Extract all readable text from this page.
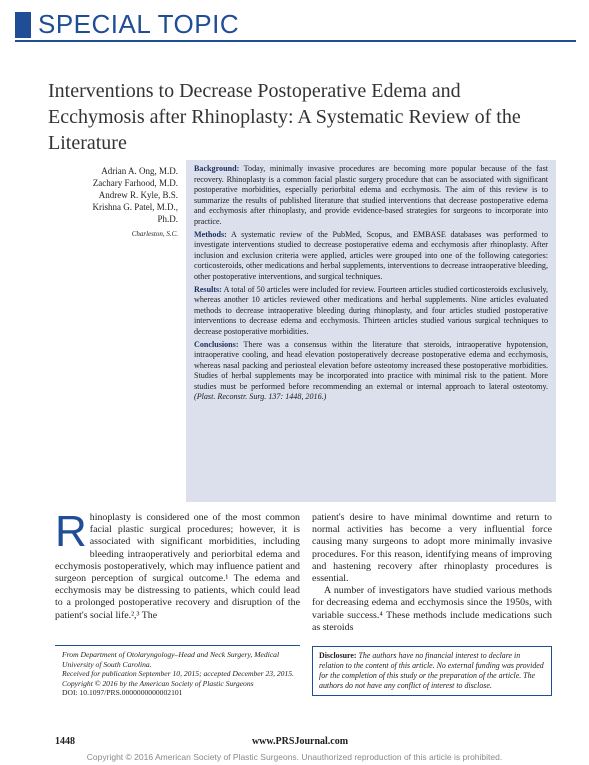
SPECIAL TOPIC
Interventions to Decrease Postoperative Edema and Ecchymosis after Rhinoplasty: A Systematic Review of the Literature
Adrian A. Ong, M.D.
Zachary Farhood, M.D.
Andrew R. Kyle, B.S.
Krishna G. Patel, M.D.,
Ph.D.
Charleston, S.C.

Background: Today, minimally invasive procedures are becoming more popular because of the fast recovery. Rhinoplasty is a common facial plastic surgery procedure that can be associated with significant postoperative morbidities, especially periorbital edema and ecchymosis. The aim of this review is to summarize the results of published literature that studied interventions that decrease postoperative edema and ecchymosis after rhinoplasty, and provide evidence-based strategies for surgeons to incorporate into practice.

Methods: A systematic review of the PubMed, Scopus, and EMBASE databases was performed to investigate interventions studied to decrease postoperative edema and ecchymosis after rhinoplasty. After inclusion and exclusion criteria were applied, articles were grouped into one of the following categories: corticosteroids, other medications and herbal supplements, interventions to decrease intraoperative bleeding, other postoperative interventions, and surgical techniques.

Results: A total of 50 articles were included for review. Fourteen articles studied corticosteroids exclusively, whereas another 10 articles reviewed other medications and herbal supplements. Nine articles evaluated methods to decrease intraoperative bleeding during rhinoplasty, and four articles studied postoperative interventions to decrease edema and ecchymosis. Thirteen articles studied various surgical techniques to decrease postoperative morbidities.

Conclusions: There was a consensus within the literature that steroids, intraoperative hypotension, intraoperative cooling, and head elevation postoperatively decrease postoperative edema and ecchymosis, whereas nasal packing and periosteal elevation before osteotomy increased these postoperative morbidities. Studies of herbal supplements may be incorporated into practice with minimal risk to the patient. More studies must be performed before recommending an external or internal approach to lateral osteotomy. (Plast. Reconstr. Surg. 137: 1448, 2016.)

Rhinoplasty is considered one of the most common facial plastic surgical procedures; however, it is associated with significant morbidities, including bleeding intraoperatively and periorbital edema and ecchymosis postoperatively, which may influence patient and surgeon perception of surgical outcome.¹ The edema and ecchymosis may be distressing to patients, which could lead to a prolonged postoperative recovery and disruption of the patient's social life.²,³ The

patient's desire to have minimal downtime and return to normal activities has become a very influential force causing many surgeons to adopt more minimally invasive procedures. For this reason, identifying means of improving and hastening recovery after rhinoplasty procedures is essential.

A number of investigators have studied various methods for decreasing edema and ecchymosis since the 1950s, with variable success.⁴ These methods include medications such as steroids

From Department of Otolaryngology–Head and Neck Surgery, Medical University of South Carolina.

Received for publication September 10, 2015; accepted December 23, 2015.

Copyright © 2016 by the American Society of Plastic Surgeons

DOI: 10.1097/PRS.0000000000002101

Disclosure: The authors have no financial interest to declare in relation to the content of this article. No external funding was provided for the completion of this study or the preparation of the article. The authors do not have any conflict of interest to disclose.
1448	www.PRSJournal.com
Copyright © 2016 American Society of Plastic Surgeons. Unauthorized reproduction of this article is prohibited.
